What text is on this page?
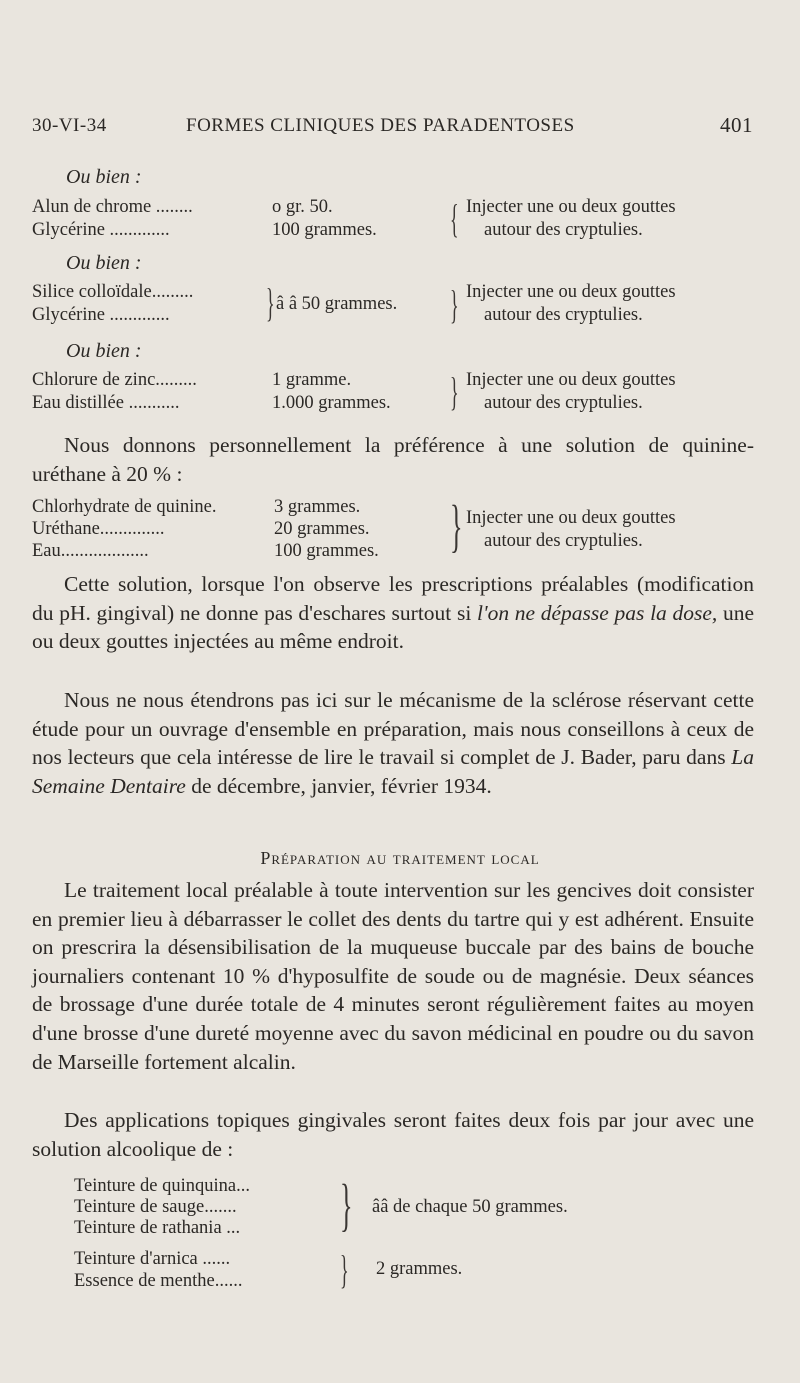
30-VI-34	FORMES CLINIQUES DES PARADENTOSES	401
Ou bien :
Alun de chrome ........	o gr. 50.
Glycérine .............	100 grammes. { Injecter une ou deux gouttes
autour des cryptulies.
Ou bien :
Silice colloïdale.........
Glycérine ............. } â â 50 grammes. } Injecter une ou deux gouttes
autour des cryptulies.
Ou bien :
Chlorure de zinc.........	1 gramme.
Eau distillée ...........	1.000 grammes. } Injecter une ou deux gouttes
autour des cryptulies.
Nous donnons personnellement la préférence à une solution de quinine-uréthane à 20 % :
Chlorhydrate de quinine.	3 grammes.
Uréthane..............	20 grammes.
Eau...................	100 grammes. } Injecter une ou deux gouttes
autour des cryptulies.
Cette solution, lorsque l'on observe les prescriptions préalables (modification du pH. gingival) ne donne pas d'eschares surtout si l'on ne dépasse pas la dose, une ou deux gouttes injectées au même endroit.
Nous ne nous étendrons pas ici sur le mécanisme de la sclérose réservant cette étude pour un ouvrage d'ensemble en préparation, mais nous conseillons à ceux de nos lecteurs que cela intéresse de lire le travail si complet de J. Bader, paru dans La Semaine Dentaire de décembre, janvier, février 1934.
Préparation au traitement local
Le traitement local préalable à toute intervention sur les gencives doit consister en premier lieu à débarrasser le collet des dents du tartre qui y est adhérent. Ensuite on prescrira la désensibilisation de la muqueuse buccale par des bains de bouche journaliers contenant 10 % d'hyposulfite de soude ou de magnésie. Deux séances de brossage d'une durée totale de 4 minutes seront régulièrement faites au moyen d'une brosse d'une dureté moyenne avec du savon médicinal en poudre ou du savon de Marseille fortement alcalin.
Des applications topiques gingivales seront faites deux fois par jour avec une solution alcoolique de :
Teinture de quinquina...
Teinture de sauge.......
Teinture de rathania ... } ââ de chaque 50 grammes.
Teinture d'arnica ......
Essence de menthe...... } 2 grammes.
